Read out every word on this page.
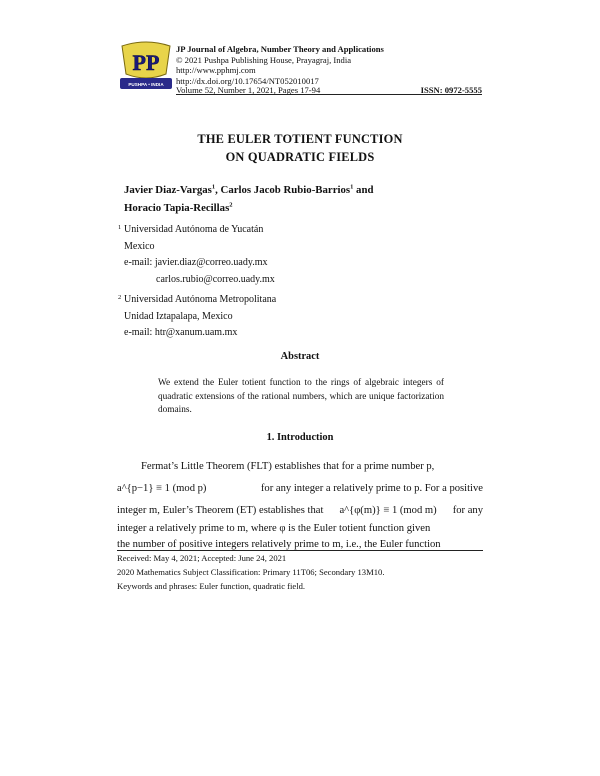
PP
PUSHPA • INDIA
JP Journal of Algebra, Number Theory and Applications
© 2021 Pushpa Publishing House, Prayagraj, India
http://www.pphmj.com
http://dx.doi.org/10.17654/NT052010017
Volume 52, Number 1, 2021, Pages 17-94	ISSN: 0972-5555
THE EULER TOTIENT FUNCTION
ON QUADRATIC FIELDS
Javier Diaz-Vargas$^1$, Carlos Jacob Rubio-Barrios$^1$ and
Horacio Tapia-Recillas$^2$
1 Universidad Autónoma de Yucatán
Mexico
e-mail: javier.diaz@correo.uady.mx
carlos.rubio@correo.uady.mx
2 Universidad Autónoma Metropolitana
Unidad Iztapalapa, Mexico
e-mail: htr@xanum.uam.mx
Abstract
We extend the Euler totient function to the rings of algebraic integers of quadratic extensions of the rational numbers, which are unique factorization domains.
1. Introduction
Fermat’s Little Theorem (FLT) establishes that for a prime number p,
a^{p−1} ≡ 1 (mod p)	for any integer a relatively prime to p. For a positive
integer m, Euler’s Theorem (ET) establishes that a^{φ(m)} ≡ 1 (mod m) for any
integer a relatively prime to m, where φ is the Euler totient function given
the number of positive integers relatively prime to m, i.e., the Euler function
Received: May 4, 2021; Accepted: June 24, 2021
2020 Mathematics Subject Classification: Primary 11T06; Secondary 13M10.
Keywords and phrases: Euler function, quadratic field.
